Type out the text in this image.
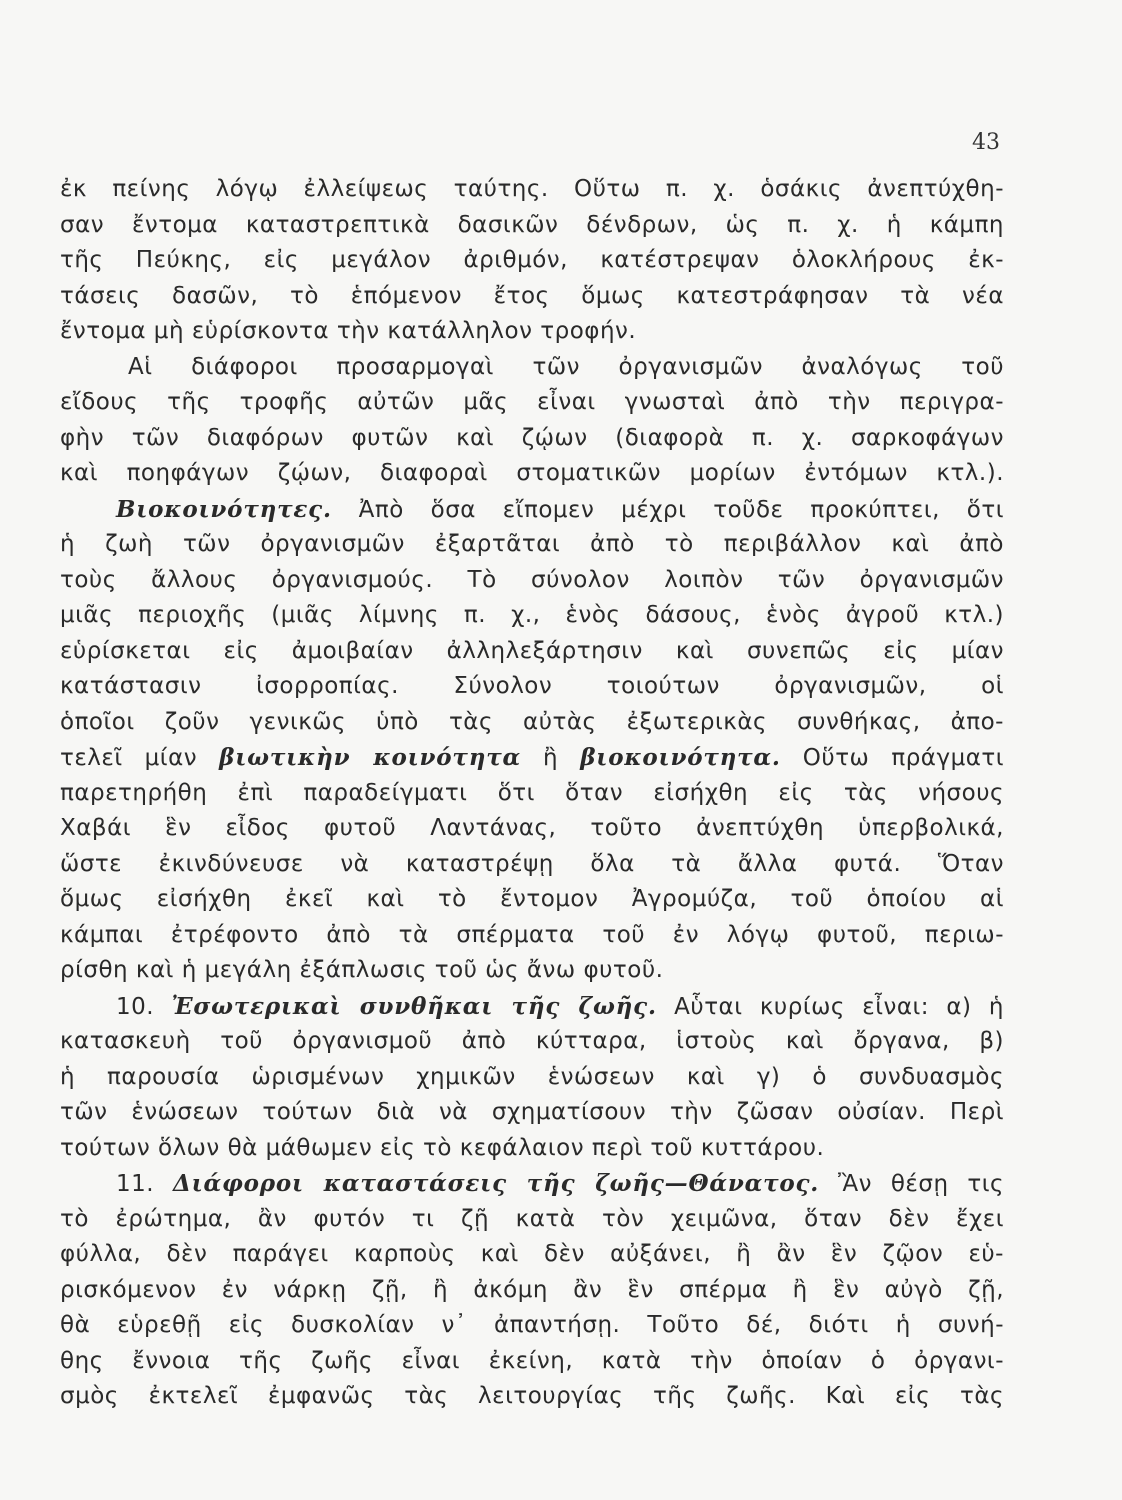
43
ἐκ πείνης λόγῳ ἐλλείψεως ταύτης. Οὕτω π. χ. ὁσάκις ἀνεπτύχθη-
σαν ἔντομα καταστρεπτικὰ δασικῶν δένδρων, ὡς π. χ. ἡ κάμπη
τῆς Πεύκης, εἰς μεγάλον ἀριθμόν, κατέστρεψαν ὁλοκλήρους ἐκ-
τάσεις δασῶν, τὸ ἑπόμενον ἔτος ὅμως κατεστράφησαν τὰ νέα
ἔντομα μὴ εὑρίσκοντα τὴν κατάλληλον τροφήν.
Αἱ διάφοροι προσαρμογαὶ τῶν ὀργανισμῶν ἀναλόγως τοῦ
εἴδους τῆς τροφῆς αὐτῶν μᾶς εἶναι γνωσταὶ ἀπὸ τὴν περιγρα-
φὴν τῶν διαφόρων φυτῶν καὶ ζῴων (διαφορὰ π. χ. σαρκοφάγων
καὶ ποηφάγων ζῴων, διαφοραὶ στοματικῶν μορίων ἐντόμων κτλ.).
Βιοκοινότητες. Ἀπὸ ὅσα εἴπομεν μέχρι τοῦδε προκύπτει, ὅτι
ἡ ζωὴ τῶν ὀργανισμῶν ἐξαρτᾶται ἀπὸ τὸ περιβάλλον καὶ ἀπὸ
τοὺς ἄλλους ὀργανισμούς. Τὸ σύνολον λοιπὸν τῶν ὀργανισμῶν
μιᾶς περιοχῆς (μιᾶς λίμνης π. χ., ἑνὸς δάσους, ἑνὸς ἀγροῦ κτλ.)
εὑρίσκεται εἰς ἀμοιβαίαν ἀλληλεξάρτησιν καὶ συνεπῶς εἰς μίαν
κατάστασιν ἰσορροπίας. Σύνολον τοιούτων ὀργανισμῶν, οἱ
ὁποῖοι ζοῦν γενικῶς ὑπὸ τὰς αὐτὰς ἐξωτερικὰς συνθήκας, ἀπο-
τελεῖ μίαν βιωτικὴν κοινότητα ἢ βιοκοινότητα. Οὕτω πράγματι
παρετηρήθη ἐπὶ παραδείγματι ὅτι ὅταν εἰσήχθη εἰς τὰς νήσους
Χαβάι ἓν εἶδος φυτοῦ Λαντάνας, τοῦτο ἀνεπτύχθη ὑπερβολικά,
ὥστε ἐκινδύνευσε νὰ καταστρέψῃ ὅλα τὰ ἄλλα φυτά. Ὅταν
ὅμως εἰσήχθη ἐκεῖ καὶ τὸ ἔντομον Ἀγρομύζα, τοῦ ὁποίου αἱ
κάμπαι ἐτρέφοντο ἀπὸ τὰ σπέρματα τοῦ ἐν λόγῳ φυτοῦ, περιω-
ρίσθη καὶ ἡ μεγάλη ἐξάπλωσις τοῦ ὡς ἄνω φυτοῦ.
10. Ἐσωτερικαὶ συνθῆκαι τῆς ζωῆς. Αὗται κυρίως εἶναι: α) ἡ
κατασκευὴ τοῦ ὀργανισμοῦ ἀπὸ κύτταρα, ἱστοὺς καὶ ὄργανα, β)
ἡ παρουσία ὡρισμένων χημικῶν ἑνώσεων καὶ γ) ὁ συνδυασμὸς
τῶν ἑνώσεων τούτων διὰ νὰ σχηματίσουν τὴν ζῶσαν οὐσίαν. Περὶ
τούτων ὅλων θὰ μάθωμεν εἰς τὸ κεφάλαιον περὶ τοῦ κυττάρου.
11. Διάφοροι καταστάσεις τῆς ζωῆς—Θάνατος. Ἂν θέσῃ τις
τὸ ἐρώτημα, ἂν φυτόν τι ζῇ κατὰ τὸν χειμῶνα, ὅταν δὲν ἔχει
φύλλα, δὲν παράγει καρποὺς καὶ δὲν αὐξάνει, ἢ ἂν ἓν ζῷον εὑ-
ρισκόμενον ἐν νάρκῃ ζῇ, ἢ ἀκόμη ἂν ἓν σπέρμα ἢ ἓν αὐγὸ ζῇ,
θὰ εὑρεθῇ εἰς δυσκολίαν ν᾿ ἀπαντήσῃ. Τοῦτο δέ, διότι ἡ συνή-
θης ἔννοια τῆς ζωῆς εἶναι ἐκείνη, κατὰ τὴν ὁποίαν ὁ ὀργανι-
σμὸς ἐκτελεῖ ἐμφανῶς τὰς λειτουργίας τῆς ζωῆς. Καὶ εἰς τὰς
